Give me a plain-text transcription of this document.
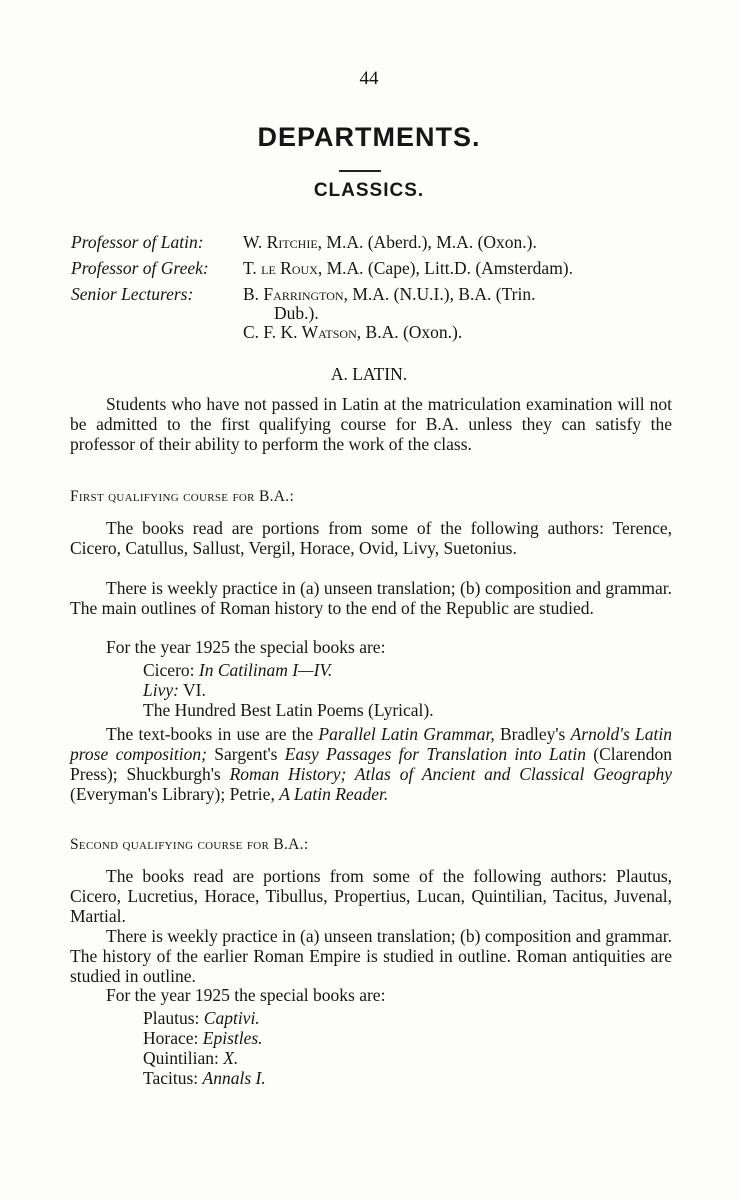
44
DEPARTMENTS.
CLASSICS.
Professor of Latin: W. Ritchie, M.A. (Aberd.), M.A. (Oxon.).
Professor of Greek: T. le Roux, M.A. (Cape), Litt.D. (Amsterdam).
Senior Lecturers:	B. Farrington, M.A. (N.U.I.), B.A. (Trin.
Dub.).
C. F. K. Watson, B.A. (Oxon.).
A. LATIN.
Students who have not passed in Latin at the matriculation examination will not be admitted to the first qualifying course for B.A. unless they can satisfy the professor of their ability to perform the work of the class.
First qualifying course for B.A.:
The books read are portions from some of the following authors: Terence, Cicero, Catullus, Sallust, Vergil, Horace, Ovid, Livy, Suetonius.
There is weekly practice in (a) unseen translation; (b) composition and grammar. The main outlines of Roman history to the end of the Republic are studied.
For the year 1925 the special books are:
Cicero: In Catilinam I—IV.
Livy: VI.
The Hundred Best Latin Poems (Lyrical).
The text-books in use are the Parallel Latin Grammar, Bradley's Arnold's Latin prose composition; Sargent's Easy Passages for Translation into Latin (Clarendon Press); Shuckburgh's Roman History; Atlas of Ancient and Classical Geography (Everyman's Library); Petrie, A Latin Reader.
Second qualifying course for B.A.:
The books read are portions from some of the following authors: Plautus, Cicero, Lucretius, Horace, Tibullus, Propertius, Lucan, Quintilian, Tacitus, Juvenal, Martial.
There is weekly practice in (a) unseen translation; (b) composition and grammar. The history of the earlier Roman Empire is studied in outline. Roman antiquities are studied in outline.
For the year 1925 the special books are:
Plautus: Captivi.
Horace: Epistles.
Quintilian: X.
Tacitus: Annals I.
